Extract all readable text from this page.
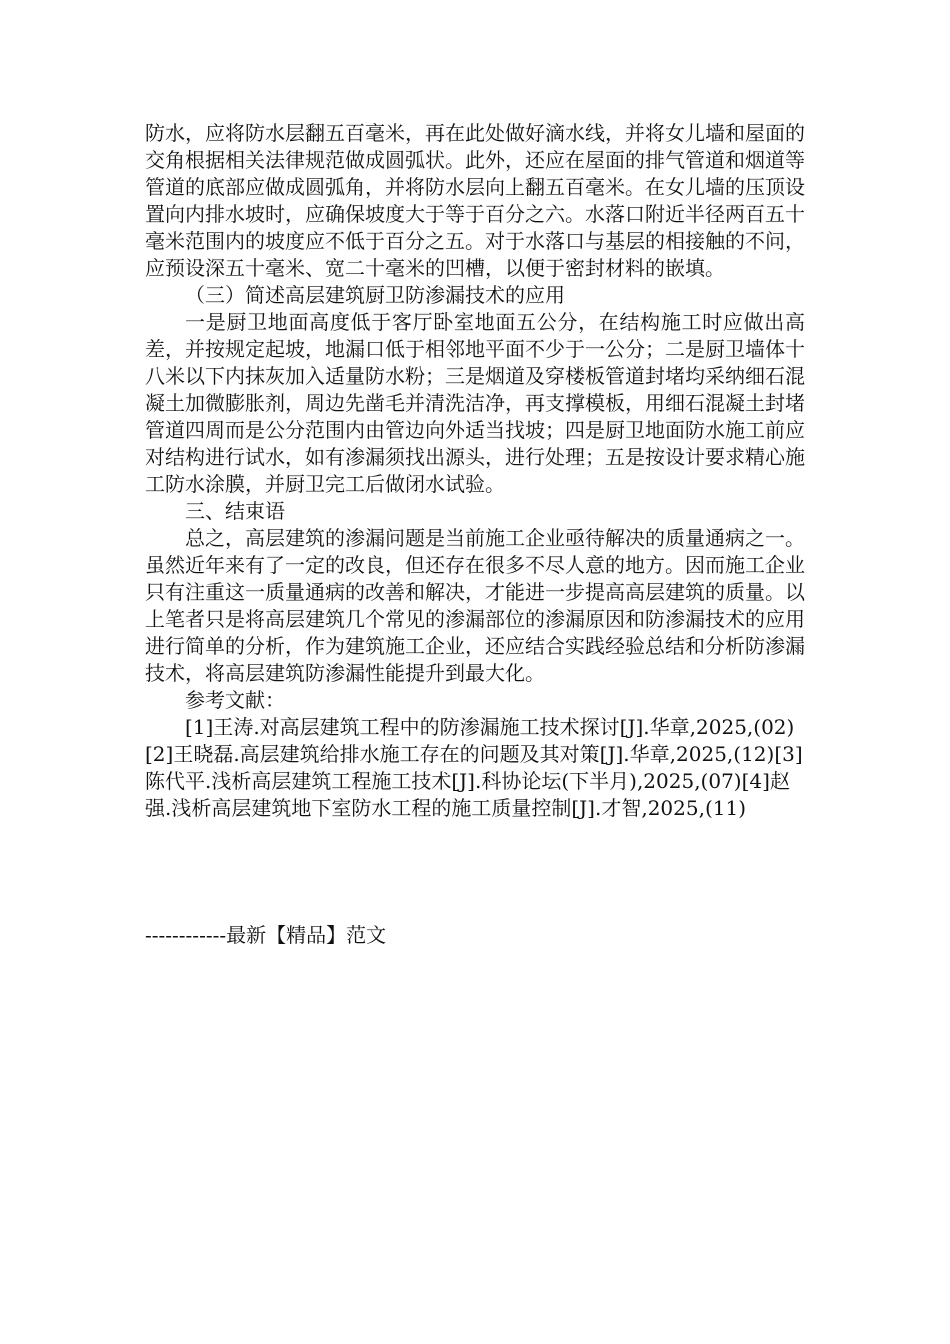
防水，应将防水层翻五百毫米，再在此处做好滴水线，并将女儿墙和屋面的交角根据相关法律规范做成圆弧状。此外，还应在屋面的排气管道和烟道等管道的底部应做成圆弧角，并将防水层向上翻五百毫米。在女儿墙的压顶设置向内排水坡时，应确保坡度大于等于百分之六。水落口附近半径两百五十毫米范围内的坡度应不低于百分之五。对于水落口与基层的相接触的不问，应预设深五十毫米、宽二十毫米的凹槽，以便于密封材料的嵌填。

（三）简述高层建筑厨卫防渗漏技术的应用

一是厨卫地面高度低于客厅卧室地面五公分，在结构施工时应做出高差，并按规定起坡，地漏口低于相邻地平面不少于一公分；二是厨卫墙体十八米以下内抹灰加入适量防水粉；三是烟道及穿楼板管道封堵均采纳细石混凝土加微膨胀剂，周边先凿毛并清洗洁净，再支撑模板，用细石混凝土封堵管道四周而是公分范围内由管边向外适当找坡；四是厨卫地面防水施工前应对结构进行试水，如有渗漏须找出源头，进行处理；五是按设计要求精心施工防水涂膜，并厨卫完工后做闭水试验。

三、结束语

总之，高层建筑的渗漏问题是当前施工企业亟待解决的质量通病之一。虽然近年来有了一定的改良，但还存在很多不尽人意的地方。因而施工企业只有注重这一质量通病的改善和解决，才能进一步提高高层建筑的质量。以上笔者只是将高层建筑几个常见的渗漏部位的渗漏原因和防渗漏技术的应用进行简单的分析，作为建筑施工企业，还应结合实践经验总结和分析防渗漏技术，将高层建筑防渗漏性能提升到最大化。

参考文献：

[1]王涛.对高层建筑工程中的防渗漏施工技术探讨[J].华章,2025,(02)[2]王晓磊.高层建筑给排水施工存在的问题及其对策[J].华章,2025,(12)[3]陈代平.浅析高层建筑工程施工技术[J].科协论坛(下半月),2025,(07)[4]赵强.浅析高层建筑地下室防水工程的施工质量控制[J].才智,2025,(11)

------------最新【精品】范文
